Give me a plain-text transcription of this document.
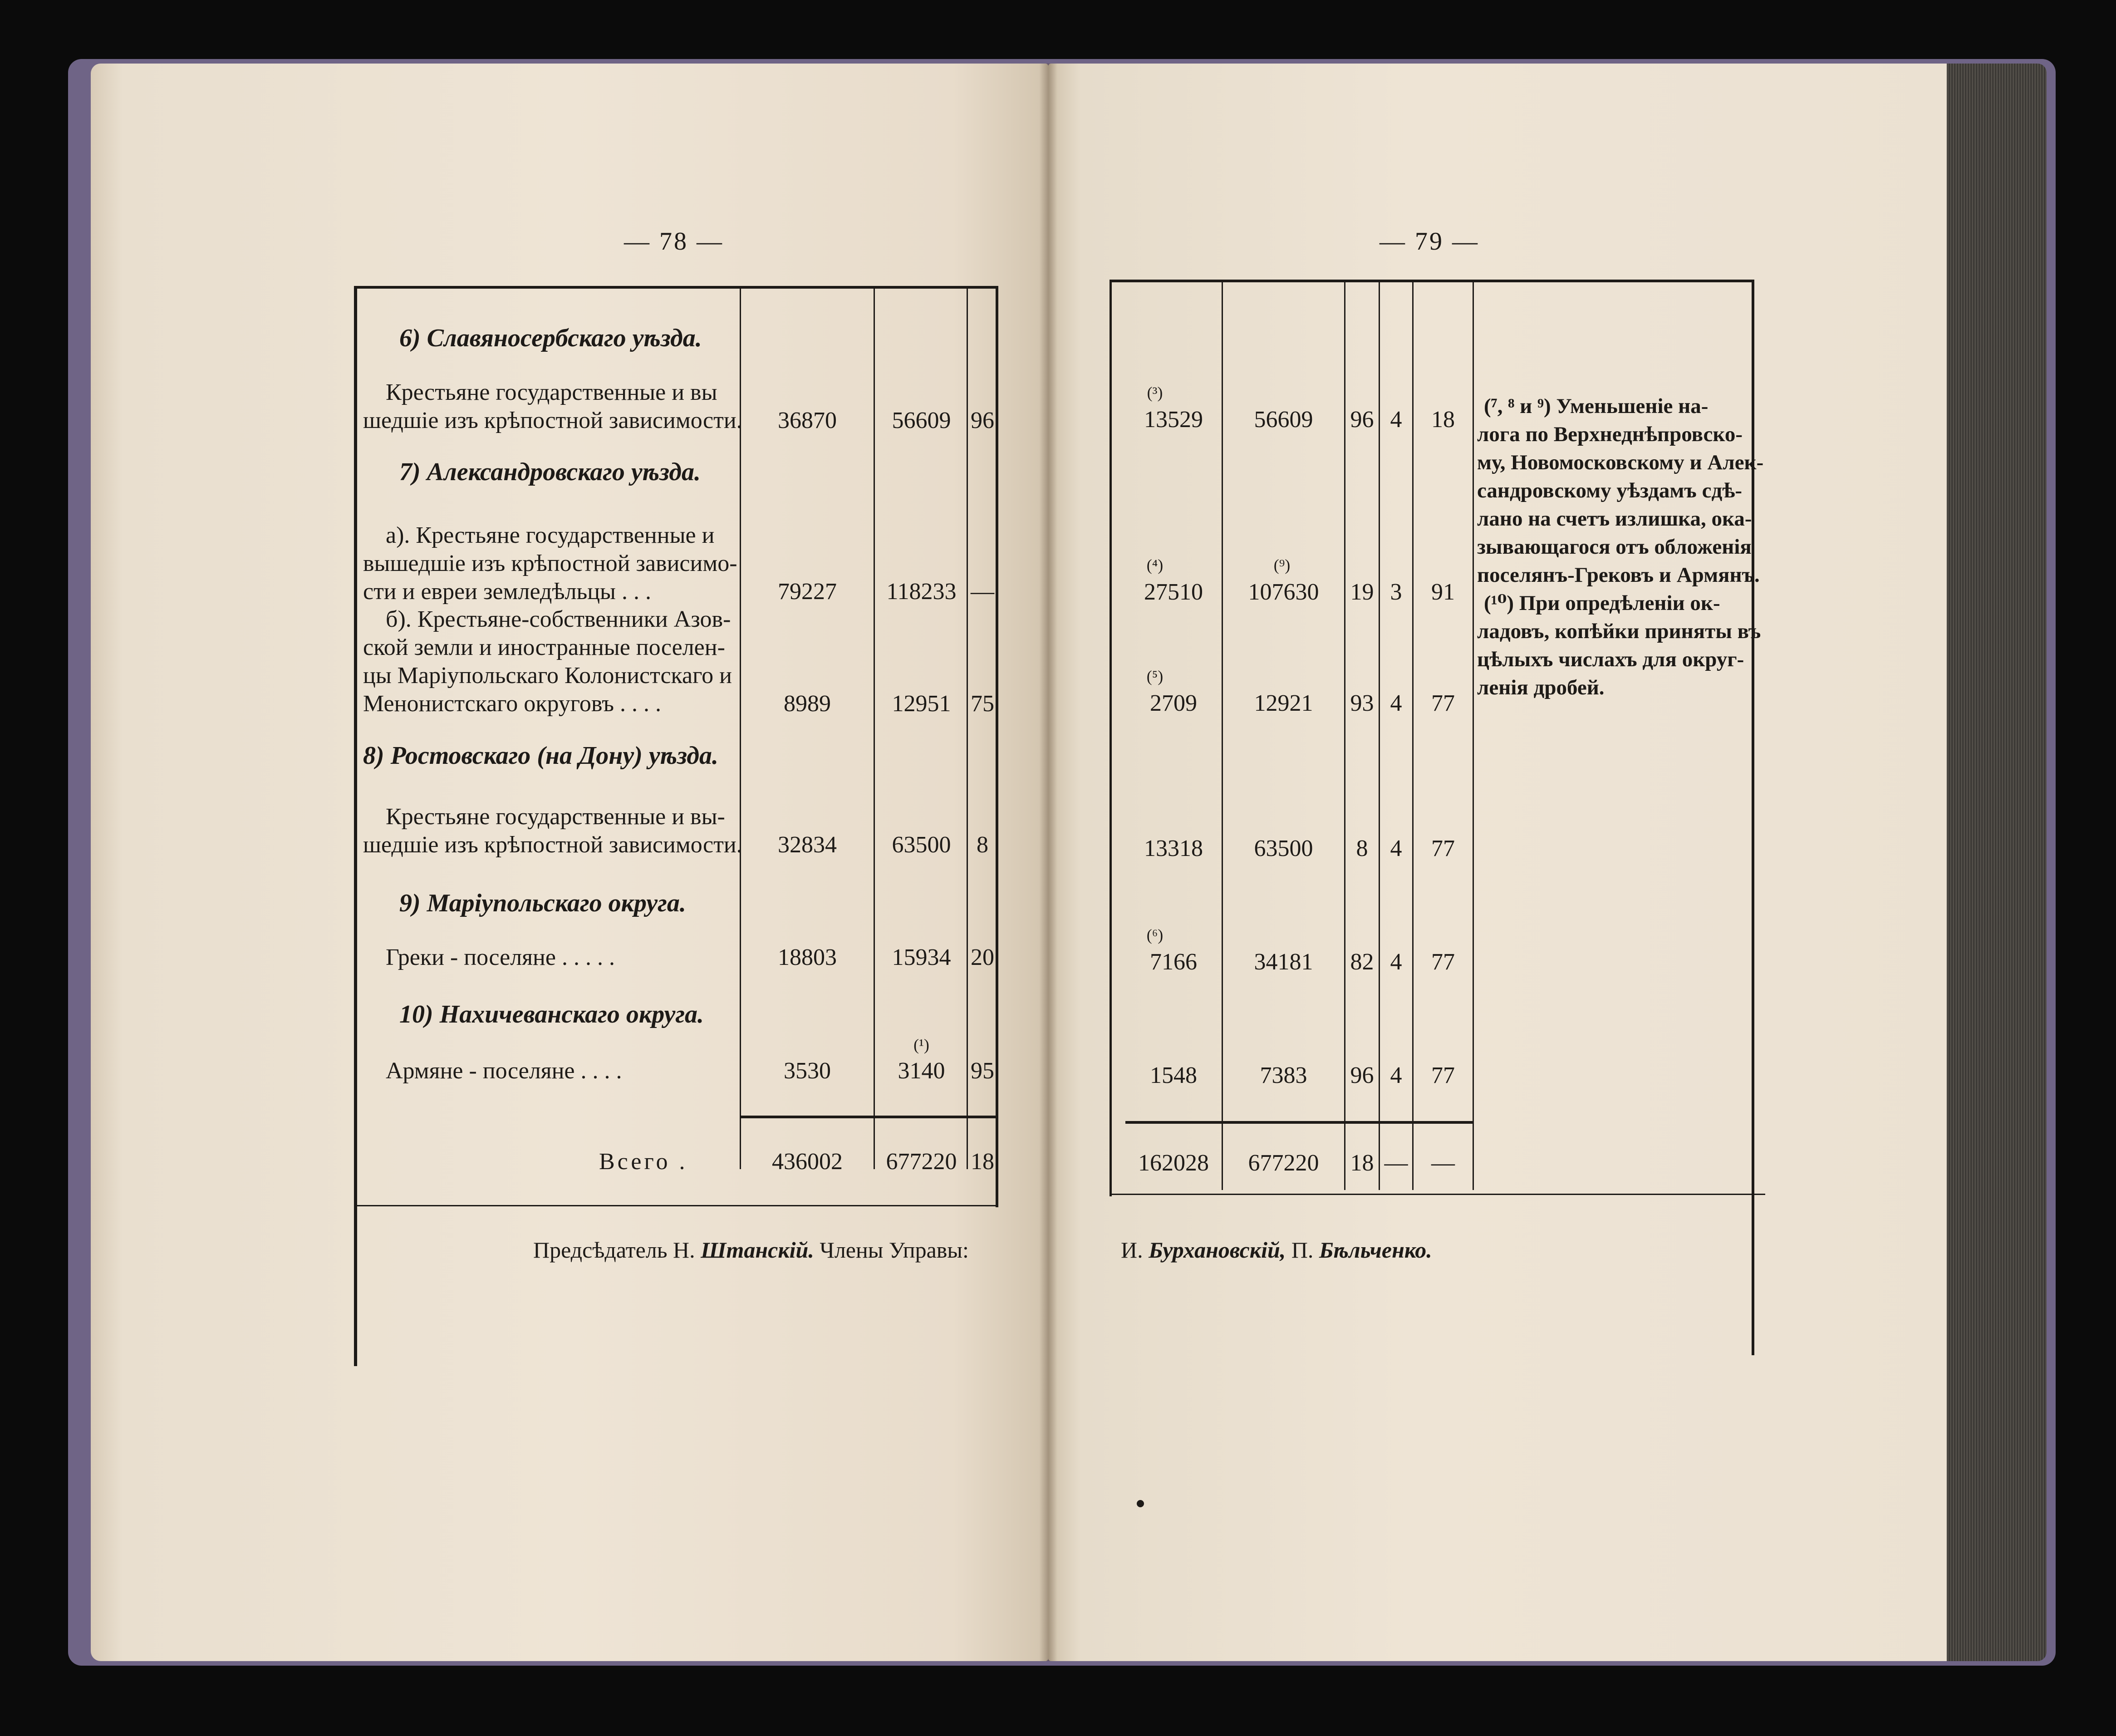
— 78 —
6) Славяносербскаго уѣзда.
Крестьяне государственные и вы
шедшіе изъ крѣпостной зависимости.	36870	56609 96
7) Александровскаго уѣзда.
а). Крестьяне государственные и
вышедшіе изъ крѣпостной зависимо-
сти и евреи земледѣльцы . . .	79227	118233 —
б). Крестьяне-собственники Азов-
ской земли и иностранные поселен-
цы Маріупольскаго Колонистскаго и
Менонистскаго округовъ . . . .	8989	12951 75
8) Ростовскаго (на Дону) уѣзда.
Крестьяне государственные и вы-
шедшіе изъ крѣпостной зависимости.	32834	63500	8
9) Маріупольскаго округа.
Греки - поселяне . . . . .	18803	15934 20
10) Нахичеванскаго округа.
Армяне - поселяне . . . .	3530	3140	95
(¹)
Всего .	436002	677220 18
Предсѣдатель Н. Штанскій. Члены Управы:
— 79 —
(³)
13529	56609	96 4	18
(⁴)	(⁹)
27510	107630	19 3	91
(⁵)
2709	12921	93 4	77
13318	63500	8 4	77
(⁶)
7166	34181	82 4	77
1548	7383	96 4	77
162028	677220	18 — —
(⁷, ⁸ и ⁹) Уменьшеніе на-
лога по Верхнеднѣпровско-
му, Новомосковскому и Алек-
сандровскому уѣздамъ сдѣ-
лано на счетъ излишка, ока-
зывающагося отъ обложенія
поселянъ-Грековъ и Армянъ.
(¹⁰) При опредѣленіи ок-
ладовъ, копѣйки приняты въ
цѣлыхъ числахъ для округ-
ленія дробей.
И. Бурхановскій, П. Бѣльченко.
